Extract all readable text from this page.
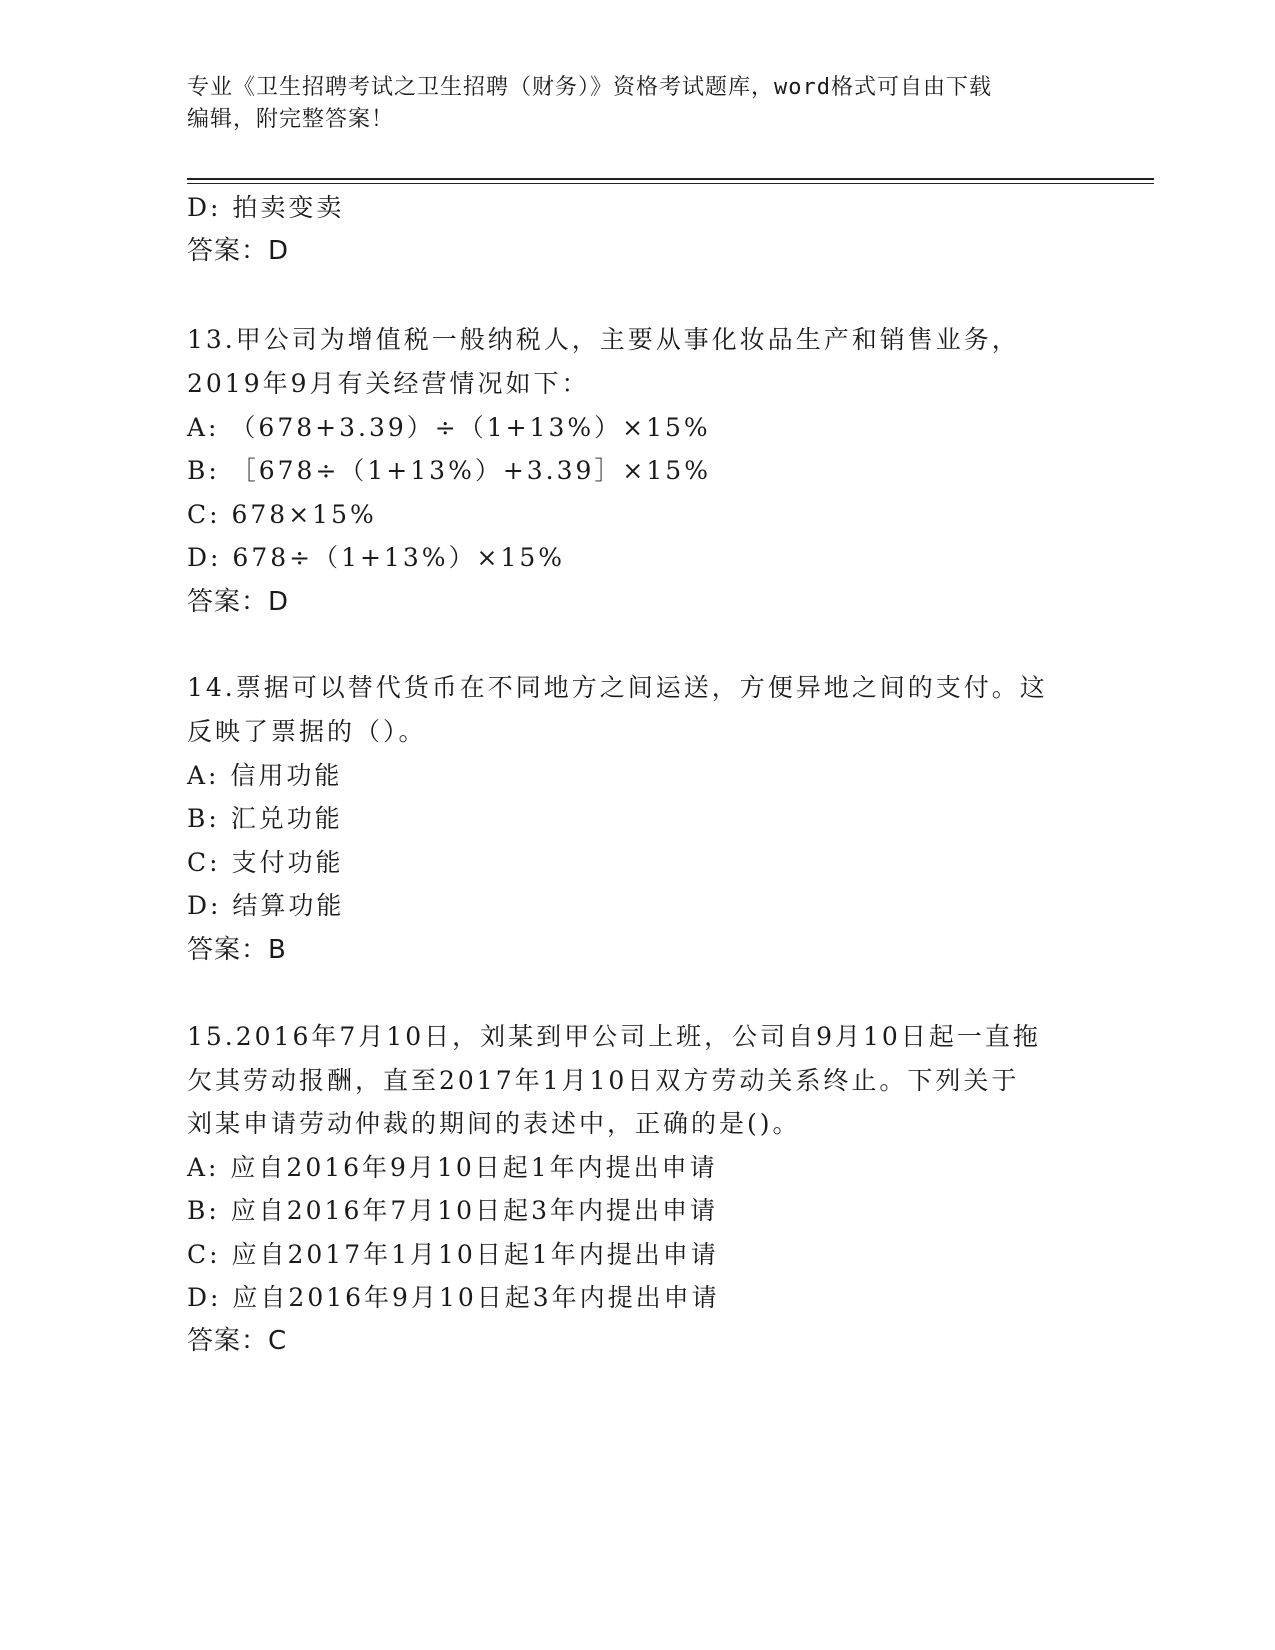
专业《卫生招聘考试之卫生招聘（财务）》资格考试题库，word格式可自由下载
编辑，附完整答案！
D: 拍卖变卖
答案：D
13.甲公司为增值税一般纳税人，主要从事化妆品生产和销售业务，
2019年9月有关经营情况如下：
A: （678+3.39）÷（1+13%）×15%
B: ［678÷（1+13%）+3.39］×15%
C: 678×15%
D: 678÷（1+13%）×15%
答案：D
14.票据可以替代货币在不同地方之间运送，方便异地之间的支付。这
反映了票据的（）。
A: 信用功能
B: 汇兑功能
C: 支付功能
D: 结算功能
答案：B
15.2016年7月10日，刘某到甲公司上班，公司自9月10日起一直拖
欠其劳动报酬，直至2017年1月10日双方劳动关系终止。下列关于
刘某申请劳动仲裁的期间的表述中，正确的是()。
A: 应自2016年9月10日起1年内提出申请
B: 应自2016年7月10日起3年内提出申请
C: 应自2017年1月10日起1年内提出申请
D: 应自2016年9月10日起3年内提出申请
答案：C
